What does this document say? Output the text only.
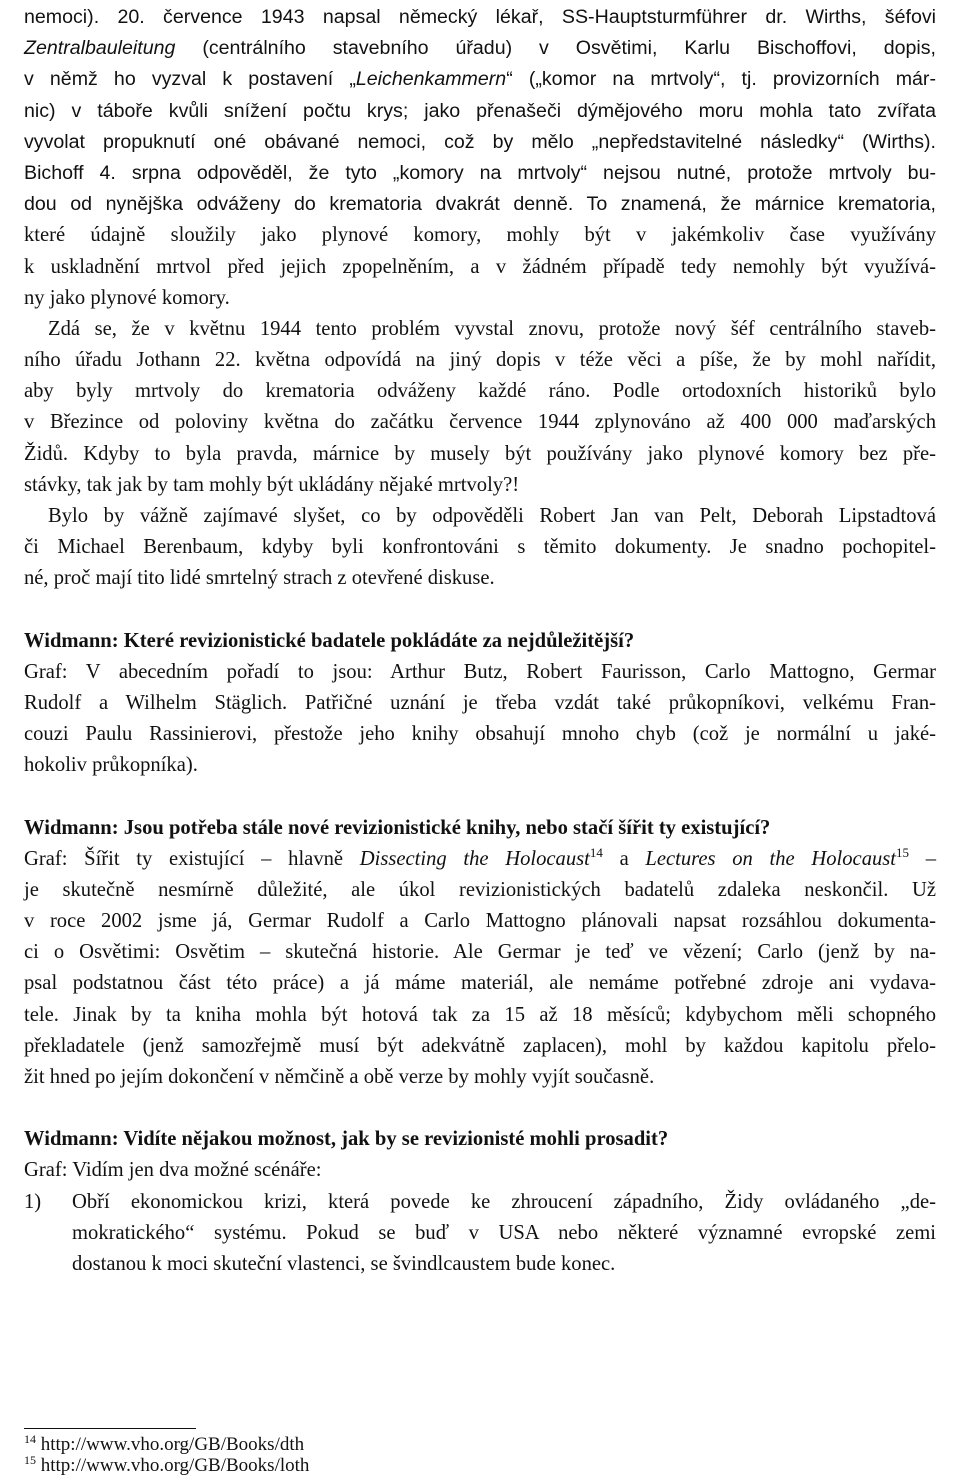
nemoci). 20. července 1943 napsal německý lékař, SS-Hauptsturmführer dr. Wirths, šéfovi
Zentralbauleitung (centrálního stavebního úřadu) v Osvětimi, Karlu Bischoffovi, dopis,
v němž ho vyzval k postavení „Leichenkammern“ („komor na mrtvoly“, tj. provizorních már-
nic) v táboře kvůli snížení počtu krys; jako přenašeči dýmějového moru mohla tato zvířata
vyvolat propuknutí oné obávané nemoci, což by mělo „nepředstavitelné následky“ (Wirths).
Bichoff 4. srpna odpověděl, že tyto „komory na mrtvoly“ nejsou nutné, protože mrtvoly bu-
dou od nynějška odváženy do krematoria dvakrát denně. To znamená, že márnice krematoria,
které údajně sloužily jako plynové komory, mohly být v jakémkoliv čase využívány
k uskladnění mrtvol před jejich zpopelněním, a v žádném případě tedy nemohly být využívá-
ny jako plynové komory.
Zdá se, že v květnu 1944 tento problém vyvstal znovu, protože nový šéf centrálního staveb-
ního úřadu Jothann 22. května odpovídá na jiný dopis v téže věci a píše, že by mohl nařídit,
aby byly mrtvoly do krematoria odváženy každé ráno. Podle ortodoxních historiků bylo
v Březince od poloviny května do začátku července 1944 zplynováno až 400 000 maďarských
Židů. Kdyby to byla pravda, márnice by musely být používány jako plynové komory bez pře-
stávky, tak jak by tam mohly být ukládány nějaké mrtvoly?!
Bylo by vážně zajímavé slyšet, co by odpověděli Robert Jan van Pelt, Deborah Lipstadtová
či Michael Berenbaum, kdyby byli konfrontováni s těmito dokumenty. Je snadno pochopitel-
né, proč mají tito lidé smrtelný strach z otevřené diskuse.
Widmann: Které revizionistické badatele pokládáte za nejdůležitější?
Graf: V abecedním pořadí to jsou: Arthur Butz, Robert Faurisson, Carlo Mattogno, Germar
Rudolf a Wilhelm Stäglich. Patřičné uznání je třeba vzdát také průkopníkovi, velkému Fran-
couzi Paulu Rassinierovi, přestože jeho knihy obsahují mnoho chyb (což je normální u jaké-
hokoliv průkopníka).
Widmann: Jsou potřeba stále nové revizionistické knihy, nebo stačí šířit ty existující?
Graf: Šířit ty existující – hlavně Dissecting the Holocaust$^{14}$ a Lectures on the Holocaust$^{15}$ –
je skutečně nesmírně důležité, ale úkol revizionistických badatelů zdaleka neskončil. Už
v roce 2002 jsme já, Germar Rudolf a Carlo Mattogno plánovali napsat rozsáhlou dokumenta-
ci o Osvětimi: Osvětim – skutečná historie. Ale Germar je teď ve vězení; Carlo (jenž by na-
psal podstatnou část této práce) a já máme materiál, ale nemáme potřebné zdroje ani vydava-
tele. Jinak by ta kniha mohla být hotová tak za 15 až 18 měsíců; kdybychom měli schopného
překladatele (jenž samozřejmě musí být adekvátně zaplacen), mohl by každou kapitolu přelo-
žit hned po jejím dokončení v němčině a obě verze by mohly vyjít současně.
Widmann: Vidíte nějakou možnost, jak by se revizionisté mohli prosadit?
Graf: Vidím jen dva možné scénáře:
1)	Obří ekonomickou krizi, která povede ke zhroucení západního, Židy ovládaného „de-
mokratického“ systému. Pokud se buď v USA nebo některé významné evropské zemi
dostanou k moci skuteční vlastenci, se švindlcaustem bude konec.
$^{14}$ http://www.vho.org/GB/Books/dth
$^{15}$ http://www.vho.org/GB/Books/loth
